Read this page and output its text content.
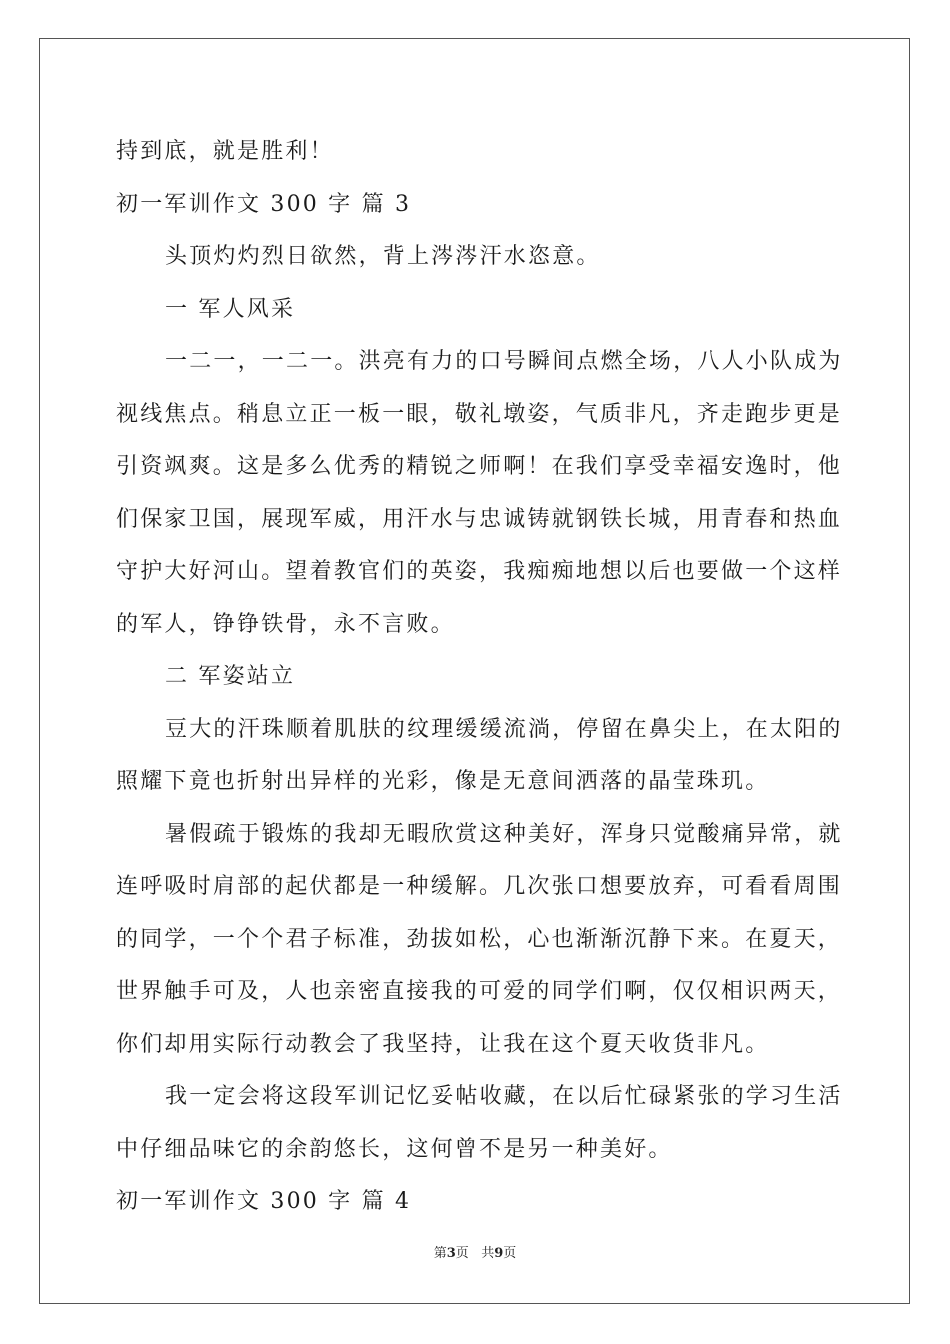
持到底，就是胜利！
初一军训作文 300 字 篇 3
头顶灼灼烈日欲然，背上涔涔汗水恣意。
一 军人风采
一二一，一二一。洪亮有力的口号瞬间点燃全场，八人小队成为
视线焦点。稍息立正一板一眼，敬礼墩姿，气质非凡，齐走跑步更是
引资飒爽。这是多么优秀的精锐之师啊！在我们享受幸福安逸时，他
们保家卫国，展现军威，用汗水与忠诚铸就钢铁长城，用青春和热血
守护大好河山。望着教官们的英姿，我痴痴地想以后也要做一个这样
的军人，铮铮铁骨，永不言败。
二 军姿站立
豆大的汗珠顺着肌肤的纹理缓缓流淌，停留在鼻尖上，在太阳的
照耀下竟也折射出异样的光彩，像是无意间洒落的晶莹珠玑。
暑假疏于锻炼的我却无暇欣赏这种美好，浑身只觉酸痛异常，就
连呼吸时肩部的起伏都是一种缓解。几次张口想要放弃，可看看周围
的同学，一个个君子标准，劲拔如松，心也渐渐沉静下来。在夏天，
世界触手可及，人也亲密直接我的可爱的同学们啊，仅仅相识两天，
你们却用实际行动教会了我坚持，让我在这个夏天收货非凡。
我一定会将这段军训记忆妥帖收藏，在以后忙碌紧张的学习生活
中仔细品味它的余韵悠长，这何曾不是另一种美好。
初一军训作文 300 字 篇 4
第3页 共9页
